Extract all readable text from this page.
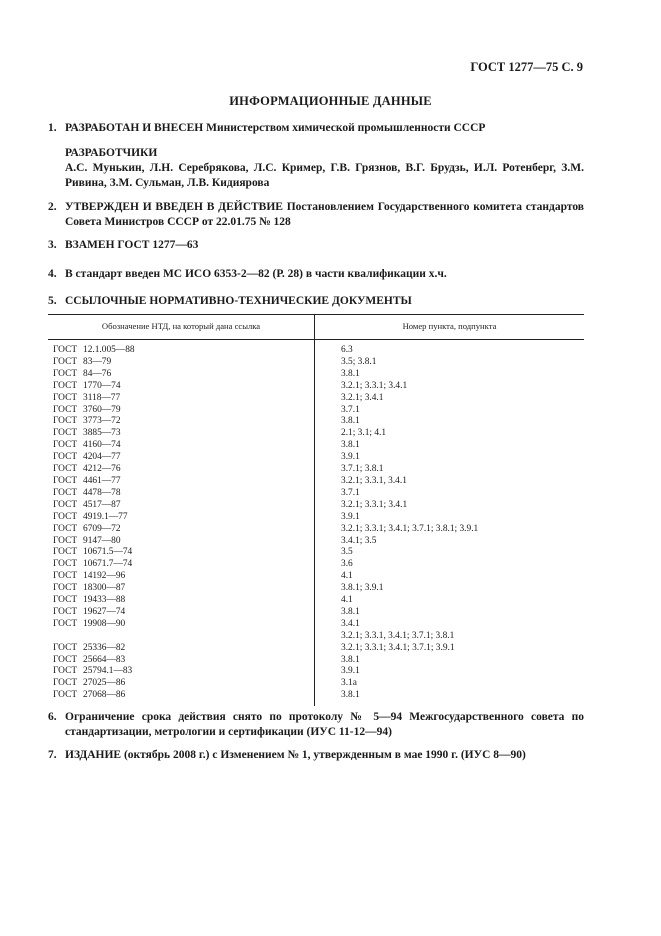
ГОСТ 1277—75 С. 9
ИНФОРМАЦИОННЫЕ ДАННЫЕ
1. РАЗРАБОТАН И ВНЕСЕН Министерством химической промышленности СССР
РАЗРАБОТЧИКИ
А.С. Мунькин, Л.Н. Серебрякова, Л.С. Кример, Г.В. Грязнов, В.Г. Брудзь, И.Л. Ротенберг, З.М. Ривина, З.М. Сульман, Л.В. Кидиярова
2. УТВЕРЖДЕН И ВВЕДЕН В ДЕЙСТВИЕ Постановлением Государственного комитета стандартов Совета Министров СССР от 22.01.75 № 128
3. ВЗАМЕН ГОСТ 1277—63
4. В стандарт введен МС ИСО 6353-2—82 (Р. 28) в части квалификации х.ч.
5. ССЫЛОЧНЫЕ НОРМАТИВНО-ТЕХНИЧЕСКИЕ ДОКУМЕНТЫ
Обозначение НТД, на который дана ссылка	Номер пункта, подпункта
ГОСТ 12.1.005—88	6.3
ГОСТ 83—79	3.5; 3.8.1
ГОСТ 84—76	3.8.1
ГОСТ 1770—74	3.2.1; 3.3.1; 3.4.1
ГОСТ 3118—77	3.2.1; 3.4.1
ГОСТ 3760—79	3.7.1
ГОСТ 3773—72	3.8.1
ГОСТ 3885—73	2.1; 3.1; 4.1
ГОСТ 4160—74	3.8.1
ГОСТ 4204—77	3.9.1
ГОСТ 4212—76	3.7.1; 3.8.1
ГОСТ 4461—77	3.2.1; 3.3.1, 3.4.1
ГОСТ 4478—78	3.7.1
ГОСТ 4517—87	3.2.1; 3.3.1; 3.4.1
ГОСТ 4919.1—77	3.9.1
ГОСТ 6709—72	3.2.1; 3.3.1; 3.4.1; 3.7.1; 3.8.1; 3.9.1
ГОСТ 9147—80	3.4.1; 3.5
ГОСТ 10671.5—74	3.5
ГОСТ 10671.7—74	3.6
ГОСТ 14192—96	4.1
ГОСТ 18300—87	3.8.1; 3.9.1
ГОСТ 19433—88	4.1
ГОСТ 19627—74	3.8.1
ГОСТ 19908—90	3.4.1
	3.2.1; 3.3.1, 3.4.1; 3.7.1; 3.8.1
ГОСТ 25336—82	3.2.1; 3.3.1; 3.4.1; 3.7.1; 3.9.1
ГОСТ 25664—83	3.8.1
ГОСТ 25794.1—83	3.9.1
ГОСТ 27025—86	3.1а
ГОСТ 27068—86	3.8.1
6. Ограничение срока действия снято по протоколу № 5—94 Межгосударственного совета по стандартизации, метрологии и сертификации (ИУС 11-12—94)
7. ИЗДАНИЕ (октябрь 2008 г.) с Изменением № 1, утвержденным в мае 1990 г. (ИУС 8—90)
